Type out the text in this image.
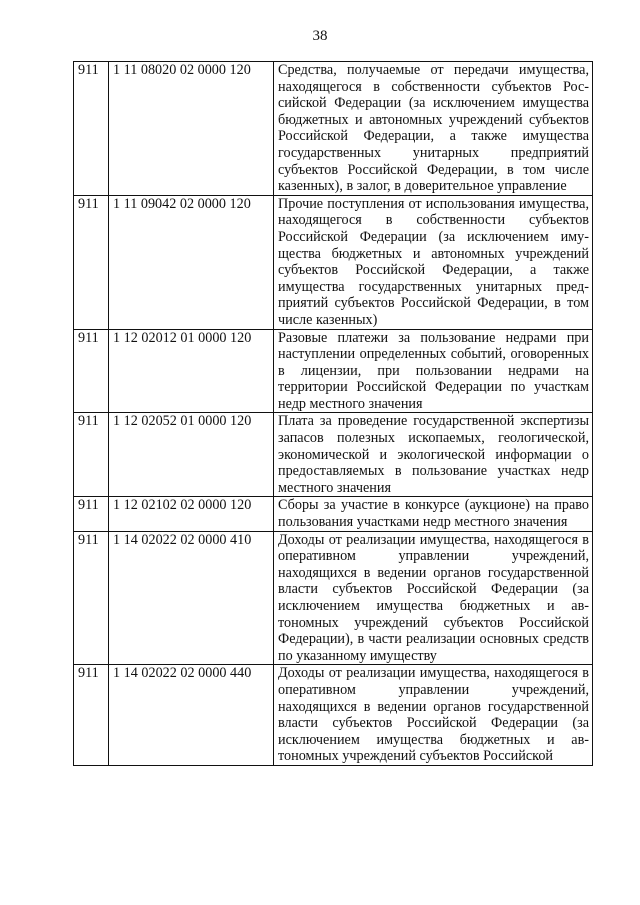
38
911	1 11 08020 02 0000 120	Средства, получаемые от передачи имущества, находящегося в собственности субъектов Российской Федерации (за исключением имущества бюджетных и автономных учреждений субъектов Российской Федерации, а также имущества государственных унитарных предприятий субъектов Российской Федерации, в том числе казенных), в залог, в доверительное управление
911	1 11 09042 02 0000 120	Прочие поступления от использования имущества, находящегося в собственности субъектов Российской Федерации (за исключением имущества бюджетных и автономных учреждений субъектов Российской Федерации, а также имущества государственных унитарных предприятий субъектов Российской Федерации, в том числе казенных)
911	1 12 02012 01 0000 120	Разовые платежи за пользование недрами при наступлении определенных событий, оговоренных в лицензии, при пользовании недрами на территории Российской Федерации по участкам недр местного значения
911	1 12 02052 01 0000 120	Плата за проведение государственной экспертизы запасов полезных ископаемых, геологической, экономической и экологической информации о предоставляемых в пользование участках недр местного значения
911	1 12 02102 02 0000 120	Сборы за участие в конкурсе (аукционе) на право пользования участками недр местного значения
911	1 14 02022 02 0000 410	Доходы от реализации имущества, находящегося в оперативном управлении учреждений, находящихся в ведении органов государственной власти субъектов Российской Федерации (за исключением имущества бюджетных и автономных учреждений субъектов Российской Федерации), в части реализации основных средств по указанному имуществу
911	1 14 02022 02 0000 440	Доходы от реализации имущества, находящегося в оперативном управлении учреждений, находящихся в ведении органов государственной власти субъектов Российской Федерации (за исключением имущества бюджетных и автономных учреждений субъектов Российской
